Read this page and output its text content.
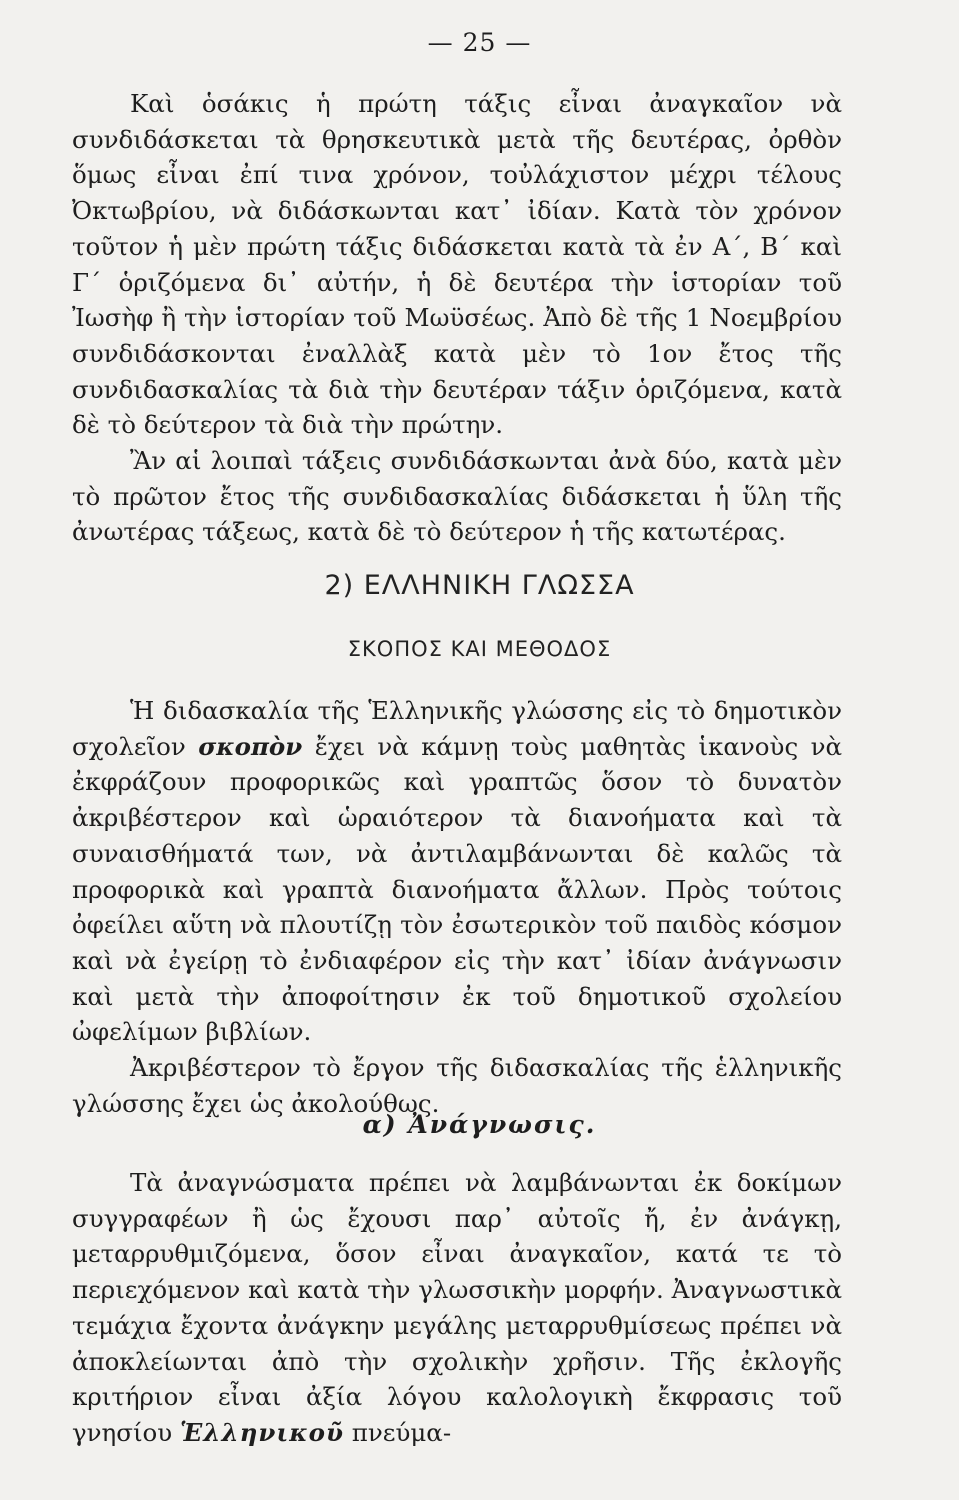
— 25 —

Καὶ ὁσάκις ἡ πρώτη τάξις εἶναι ἀναγκαῖον νὰ συνδιδάσκεται τὰ θρησκευτικὰ μετὰ τῆς δευτέρας, ὀρθὸν ὅμως εἶναι ἐπί τινα χρόνον, τοὐλάχιστον μέχρι τέλους Ὀκτωβρίου, νὰ διδάσκωνται κατ᾽ ἰδίαν. Κατὰ τὸν χρόνον τοῦτον ἡ μὲν πρώτη τάξις διδάσκεται κατὰ τὰ ἐν Α΄, Β΄ καὶ Γ΄ ὁριζόμενα δι᾽ αὐτήν, ἡ δὲ δευτέρα τὴν ἱστορίαν τοῦ Ἰωσὴφ ἢ τὴν ἱστορίαν τοῦ Μωϋσέως. Ἀπὸ δὲ τῆς 1 Νοεμβρίου συνδιδάσκονται ἐναλλὰξ κατὰ μὲν τὸ 1ον ἔτος τῆς συνδιδασκαλίας τὰ διὰ τὴν δευτέραν τάξιν ὁριζόμενα, κατὰ δὲ τὸ δεύτερον τὰ διὰ τὴν πρώτην.

Ἂν αἱ λοιπαὶ τάξεις συνδιδάσκωνται ἀνὰ δύο, κατὰ μὲν τὸ πρῶτον ἔτος τῆς συνδιδασκαλίας διδάσκεται ἡ ὕλη τῆς ἀνωτέρας τάξεως, κατὰ δὲ τὸ δεύτερον ἡ τῆς κατωτέρας.

2) ΕΛΛΗΝΙΚΗ ΓΛΩΣΣΑ
ΣΚΟΠΟΣ ΚΑΙ ΜΕΘΟΔΟΣ

Ἡ διδασκαλία τῆς Ἑλληνικῆς γλώσσης εἰς τὸ δημοτικὸν σχολεῖον σκοπὸν ἔχει νὰ κάμνῃ τοὺς μαθητὰς ἱκανοὺς νὰ ἐκφράζουν προφορικῶς καὶ γραπτῶς ὅσον τὸ δυνατὸν ἀκριβέστερον καὶ ὡραιότερον τὰ διανοήματα καὶ τὰ συναισθήματά των, νὰ ἀντιλαμβάνωνται δὲ καλῶς τὰ προφορικὰ καὶ γραπτὰ διανοήματα ἄλλων. Πρὸς τούτοις ὀφείλει αὕτη νὰ πλουτίζῃ τὸν ἐσωτερικὸν τοῦ παιδὸς κόσμον καὶ νὰ ἐγείρῃ τὸ ἐνδιαφέρον εἰς τὴν κατ᾽ ἰδίαν ἀνάγνωσιν καὶ μετὰ τὴν ἀποφοίτησιν ἐκ τοῦ δημοτικοῦ σχολείου ὠφελίμων βιβλίων.

Ἀκριβέστερον τὸ ἔργον τῆς διδασκαλίας τῆς ἑλληνικῆς γλώσσης ἔχει ὡς ἀκολούθως.

α) Ἀνάγνωσις.

Τὰ ἀναγνώσματα πρέπει νὰ λαμβάνωνται ἐκ δοκίμων συγγραφέων ἢ ὡς ἔχουσι παρ᾽ αὐτοῖς ἤ, ἐν ἀνάγκῃ, μεταρρυθμιζόμενα, ὅσον εἶναι ἀναγκαῖον, κατά τε τὸ περιεχόμενον καὶ κατὰ τὴν γλωσσικὴν μορφήν. Ἀναγνωστικὰ τεμάχια ἔχοντα ἀνάγκην μεγάλης μεταρρυθμίσεως πρέπει νὰ ἀποκλείωνται ἀπὸ τὴν σχολικὴν χρῆσιν. Τῆς ἐκλογῆς κριτήριον εἶναι ἀξία λόγου καλολογικὴ ἔκφρασις τοῦ γνησίου Ἑλληνικοῦ πνεύμα-
